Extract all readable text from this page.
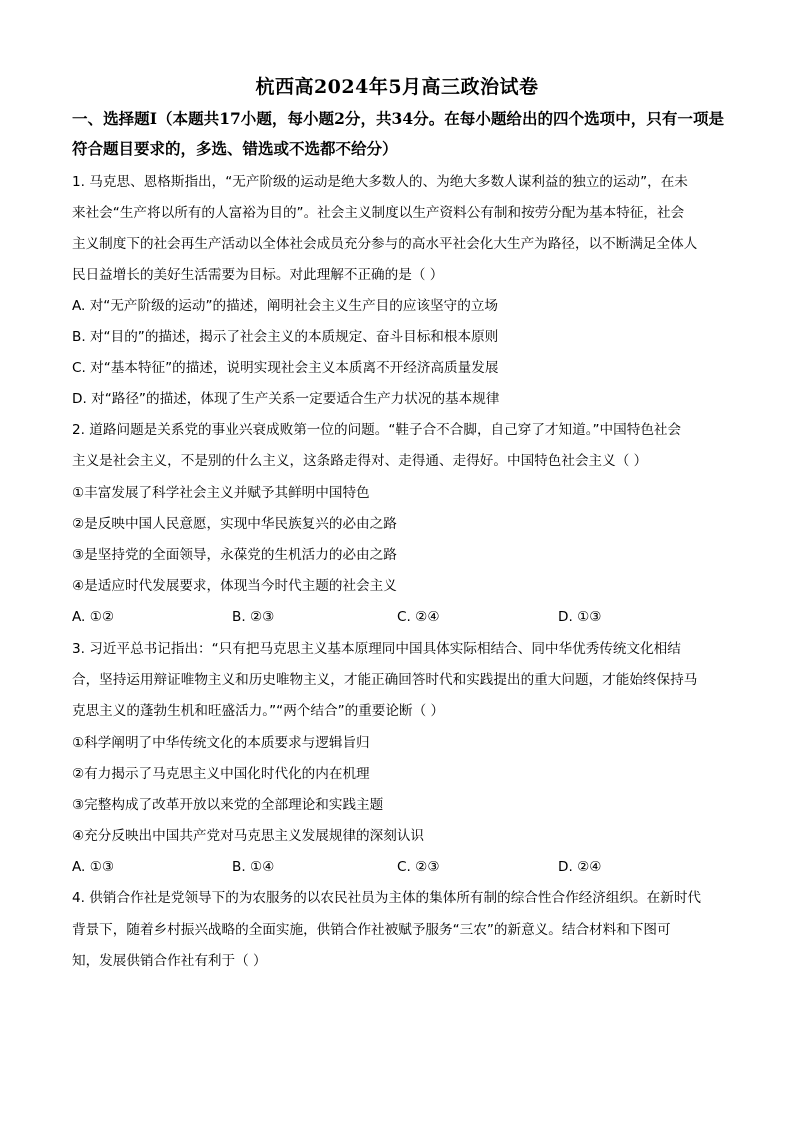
杭西高2024年5月高三政治试卷
一、选择题Ⅰ（本题共17小题，每小题2分，共34分。在每小题给出的四个选项中，只有一项是符合题目要求的，多选、错选或不选都不给分）
1. 马克思、恩格斯指出，“无产阶级的运动是绝大多数人的、为绝大多数人谋利益的独立的运动”，在未
来社会“生产将以所有的人富裕为目的”。社会主义制度以生产资料公有制和按劳分配为基本特征，社会
主义制度下的社会再生产活动以全体社会成员充分参与的高水平社会化大生产为路径，以不断满足全体人
民日益增长的美好生活需要为目标。对此理解不正确的是（ ）
A. 对“无产阶级的运动”的描述，阐明社会主义生产目的应该坚守的立场
B. 对“目的”的描述，揭示了社会主义的本质规定、奋斗目标和根本原则
C. 对“基本特征”的描述，说明实现社会主义本质离不开经济高质量发展
D. 对“路径”的描述，体现了生产关系一定要适合生产力状况的基本规律
2. 道路问题是关系党的事业兴衰成败第一位的问题。“鞋子合不合脚，自己穿了才知道。”中国特色社会
主义是社会主义，不是别的什么主义，这条路走得对、走得通、走得好。中国特色社会主义（ ）
①丰富发展了科学社会主义并赋予其鲜明中国特色
②是反映中国人民意愿，实现中华民族复兴的必由之路
③是坚持党的全面领导，永葆党的生机活力的必由之路
④是适应时代发展要求，体现当今时代主题的社会主义
A. ①②	B. ②③	C. ②④	D. ①③
3. 习近平总书记指出：“只有把马克思主义基本原理同中国具体实际相结合、同中华优秀传统文化相结
合，坚持运用辩证唯物主义和历史唯物主义，才能正确回答时代和实践提出的重大问题，才能始终保持马
克思主义的蓬勃生机和旺盛活力。”“两个结合”的重要论断（ ）
①科学阐明了中华传统文化的本质要求与逻辑旨归
②有力揭示了马克思主义中国化时代化的内在机理
③完整构成了改革开放以来党的全部理论和实践主题
④充分反映出中国共产党对马克思主义发展规律的深刻认识
A. ①③	B. ①④	C. ②③	D. ②④
4. 供销合作社是党领导下的为农服务的以农民社员为主体的集体所有制的综合性合作经济组织。在新时代
背景下，随着乡村振兴战略的全面实施，供销合作社被赋予服务“三农”的新意义。结合材料和下图可
知，发展供销合作社有利于（ ）
